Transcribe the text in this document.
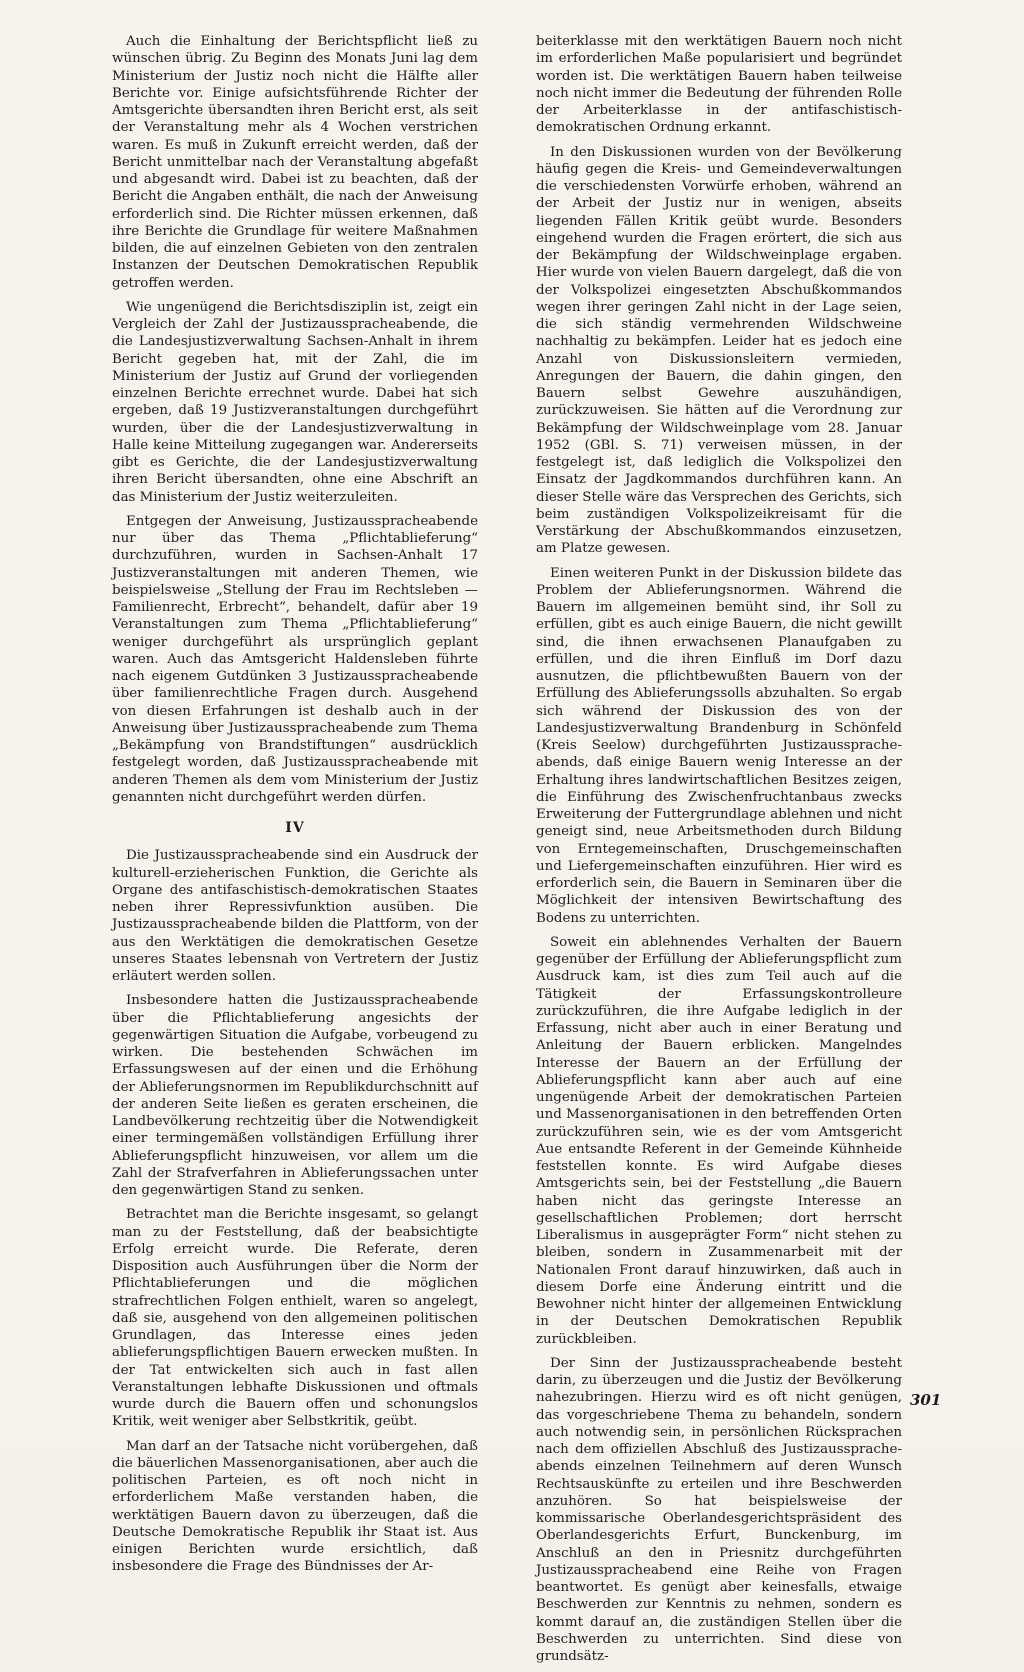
Auch die Einhaltung der Berichtspflicht ließ zu wünschen übrig. Zu Beginn des Monats Juni lag dem Ministerium der Justiz noch nicht die Hälfte aller Berichte vor. Einige aufsichtsführende Richter der Amtsgerichte übersandten ihren Bericht erst, als seit der Veranstaltung mehr als 4 Wochen verstrichen waren. Es muß in Zukunft erreicht werden, daß der Bericht unmittelbar nach der Veranstaltung abgefaßt und abgesandt wird. Dabei ist zu beachten, daß der Bericht die Angaben enthält, die nach der Anweisung erforderlich sind. Die Richter müssen erkennen, daß ihre Berichte die Grundlage für weitere Maßnahmen bilden, die auf einzelnen Gebieten von den zentralen Instanzen der Deutschen Demokratischen Republik getroffen werden.

Wie ungenügend die Berichtsdisziplin ist, zeigt ein Vergleich der Zahl der Justizausspracheabende, die die Landesjustizverwaltung Sachsen-Anhalt in ihrem Bericht gegeben hat, mit der Zahl, die im Ministerium der Justiz auf Grund der vorliegenden einzelnen Berichte errechnet wurde. Dabei hat sich ergeben, daß 19 Justizveranstaltungen durchgeführt wurden, über die der Landesjustizverwaltung in Halle keine Mitteilung zugegangen war. Andererseits gibt es Gerichte, die der Landesjustizverwaltung ihren Bericht übersandten, ohne eine Abschrift an das Ministerium der Justiz weiterzuleiten.

Entgegen der Anweisung, Justizausspracheabende nur über das Thema „Pflichtablieferung“ durchzuführen, wurden in Sachsen-Anhalt 17 Justizveranstaltungen mit anderen Themen, wie beispielsweise „Stellung der Frau im Rechtsleben — Familienrecht, Erbrecht“, behandelt, dafür aber 19 Veranstaltungen zum Thema „Pflichtablieferung“ weniger durchgeführt als ursprünglich geplant waren. Auch das Amtsgericht Haldensleben führte nach eigenem Gutdünken 3 Justizausspracheabende über familienrechtliche Fragen durch. Ausgehend von diesen Erfahrungen ist deshalb auch in der Anweisung über Justizausspracheabende zum Thema „Bekämpfung von Brandstiftungen“ ausdrücklich festgelegt worden, daß Justizausspracheabende mit anderen Themen als dem vom Ministerium der Justiz genannten nicht durchgeführt werden dürfen.

IV

Die Justizausspracheabende sind ein Ausdruck der kulturell-erzieherischen Funktion, die Gerichte als Organe des antifaschistisch-demokratischen Staates neben ihrer Repressivfunktion ausüben. Die Justizausspracheabende bilden die Plattform, von der aus den Werktätigen die demokratischen Gesetze unseres Staates lebensnah von Vertretern der Justiz erläutert werden sollen.

Insbesondere hatten die Justizausspracheabende über die Pflichtablieferung angesichts der gegenwärtigen Situation die Aufgabe, vorbeugend zu wirken. Die bestehenden Schwächen im Erfassungswesen auf der einen und die Erhöhung der Ablieferungsnormen im Republikdurchschnitt auf der anderen Seite ließen es geraten erscheinen, die Landbevölkerung rechtzeitig über die Notwendigkeit einer termingemäßen vollständigen Erfüllung ihrer Ablieferungspflicht hinzuweisen, vor allem um die Zahl der Strafverfahren in Ablieferungssachen unter den gegenwärtigen Stand zu senken.

Betrachtet man die Berichte insgesamt, so gelangt man zu der Feststellung, daß der beabsichtigte Erfolg erreicht wurde. Die Referate, deren Disposition auch Ausführungen über die Norm der Pflichtablieferungen und die möglichen strafrechtlichen Folgen enthielt, waren so angelegt, daß sie, ausgehend von den allgemeinen politischen Grundlagen, das Interesse eines jeden ablieferungspflichtigen Bauern erwecken mußten. In der Tat entwickelten sich auch in fast allen Veranstaltungen lebhafte Diskussionen und oftmals wurde durch die Bauern offen und schonungslos Kritik, weit weniger aber Selbstkritik, geübt.

Man darf an der Tatsache nicht vorübergehen, daß die bäuerlichen Massenorganisationen, aber auch die politischen Parteien, es oft noch nicht in erforderlichem Maße verstanden haben, die werktätigen Bauern davon zu überzeugen, daß die Deutsche Demokratische Republik ihr Staat ist. Aus einigen Berichten wurde ersichtlich, daß insbesondere die Frage des Bündnisses der Ar-

beiterklasse mit den werktätigen Bauern noch nicht im erforderlichen Maße popularisiert und begründet worden ist. Die werktätigen Bauern haben teilweise noch nicht immer die Bedeutung der führenden Rolle der Arbeiterklasse in der antifaschistisch-demokratischen Ordnung erkannt.

In den Diskussionen wurden von der Bevölkerung häufig gegen die Kreis- und Gemeindeverwaltungen die verschiedensten Vorwürfe erhoben, während an der Arbeit der Justiz nur in wenigen, abseits liegenden Fällen Kritik geübt wurde. Besonders eingehend wurden die Fragen erörtert, die sich aus der Bekämpfung der Wildschweinplage ergaben. Hier wurde von vielen Bauern dargelegt, daß die von der Volkspolizei eingesetzten Abschußkommandos wegen ihrer geringen Zahl nicht in der Lage seien, die sich ständig vermehrenden Wildschweine nachhaltig zu bekämpfen. Leider hat es jedoch eine Anzahl von Diskussionsleitern vermieden, Anregungen der Bauern, die dahin gingen, den Bauern selbst Gewehre auszuhändigen, zurückzuweisen. Sie hätten auf die Verordnung zur Bekämpfung der Wildschweinplage vom 28. Januar 1952 (GBl. S. 71) verweisen müssen, in der festgelegt ist, daß lediglich die Volkspolizei den Einsatz der Jagdkommandos durchführen kann. An dieser Stelle wäre das Versprechen des Gerichts, sich beim zuständigen Volkspolizeikreisamt für die Verstärkung der Abschußkommandos einzusetzen, am Platze gewesen.

Einen weiteren Punkt in der Diskussion bildete das Problem der Ablieferungsnormen. Während die Bauern im allgemeinen bemüht sind, ihr Soll zu erfüllen, gibt es auch einige Bauern, die nicht gewillt sind, die ihnen erwachsenen Planaufgaben zu erfüllen, und die ihren Einfluß im Dorf dazu ausnutzen, die pflichtbewußten Bauern von der Erfüllung des Ablieferungssolls abzuhalten. So ergab sich während der Diskussion des von der Landesjustizverwaltung Brandenburg in Schönfeld (Kreis Seelow) durchgeführten Justizausspracheabends, daß einige Bauern wenig Interesse an der Erhaltung ihres landwirtschaftlichen Besitzes zeigen, die Einführung des Zwischenfruchtanbaus zwecks Erweiterung der Futtergrundlage ablehnen und nicht geneigt sind, neue Arbeitsmethoden durch Bildung von Erntegemeinschaften, Druschgemeinschaften und Liefergemeinschaften einzuführen. Hier wird es erforderlich sein, die Bauern in Seminaren über die Möglichkeit der intensiven Bewirtschaftung des Bodens zu unterrichten.

Soweit ein ablehnendes Verhalten der Bauern gegenüber der Erfüllung der Ablieferungspflicht zum Ausdruck kam, ist dies zum Teil auch auf die Tätigkeit der Erfassungskontrolleure zurückzuführen, die ihre Aufgabe lediglich in der Erfassung, nicht aber auch in einer Beratung und Anleitung der Bauern erblicken. Mangelndes Interesse der Bauern an der Erfüllung der Ablieferungspflicht kann aber auch auf eine ungenügende Arbeit der demokratischen Parteien und Massenorganisationen in den betreffenden Orten zurückzuführen sein, wie es der vom Amtsgericht Aue entsandte Referent in der Gemeinde Kühnheide feststellen konnte. Es wird Aufgabe dieses Amtsgerichts sein, bei der Feststellung „die Bauern haben nicht das geringste Interesse an gesellschaftlichen Problemen; dort herrscht Liberalismus in ausgeprägter Form“ nicht stehen zu bleiben, sondern in Zusammenarbeit mit der Nationalen Front darauf hinzuwirken, daß auch in diesem Dorfe eine Änderung eintritt und die Bewohner nicht hinter der allgemeinen Entwicklung in der Deutschen Demokratischen Republik zurückbleiben.

Der Sinn der Justizausspracheabende besteht darin, zu überzeugen und die Justiz der Bevölkerung nahezubringen. Hierzu wird es oft nicht genügen, das vorgeschriebene Thema zu behandeln, sondern auch notwendig sein, in persönlichen Rücksprachen nach dem offiziellen Abschluß des Justizausspracheabends einzelnen Teilnehmern auf deren Wunsch Rechtsauskünfte zu erteilen und ihre Beschwerden anzuhören. So hat beispielsweise der kommissarische Oberlandesgerichtspräsident des Oberlandesgerichts Erfurt, Bunckenburg, im Anschluß an den in Priesnitz durchgeführten Justizausspracheabend eine Reihe von Fragen beantwortet. Es genügt aber keinesfalls, etwaige Beschwerden zur Kenntnis zu nehmen, sondern es kommt darauf an, die zuständigen Stellen über die Beschwerden zu unterrichten. Sind diese von grundsätz-

301
